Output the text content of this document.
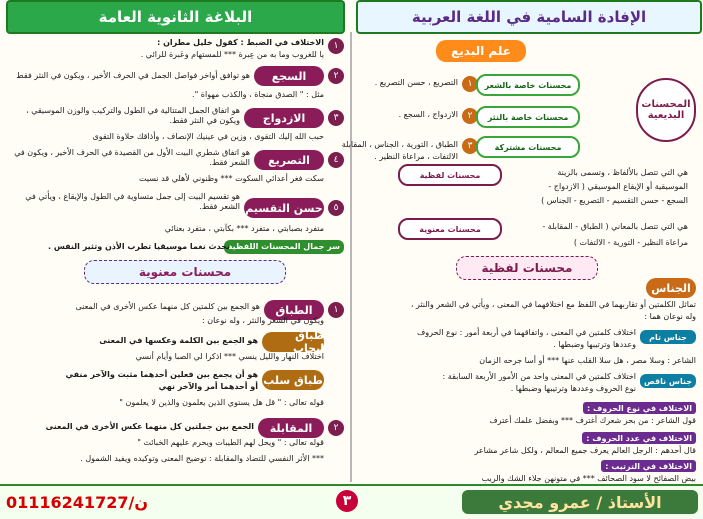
البلاغة الثانوية العامة	الإفادة السامية في اللغة العربية
١
الاختلاف في الضبط : كقول خليل مطران :
يا للغروب وما به من عِبرة *** للمستهام وعَبرة للرائي .
٢
السجع
هو توافق أواخر فواصل الجمل في الحرف الأخير ، ويكون في النثر فقط
مثل : " الصدق منجاة ، والكذب مهواة ".
٣
الازدواج
هو اتفاق الجمل المتتالية في الطول والتركيب والوزن الموسيقي ، ويكون في النثر فقط.
حبب الله إليك التقوى ، وزين في عينيك الإنصاف ، وأذاقك حلاوة التقوى
٤
التصريع
هو اتفاق شطري البيت الأول من القصيدة في الحرف الأخير ، ويكون في الشعر فقط.
سكت فغر أعدائي السكوت *** وظنوني لأهلي قد نسيت
٥
حسن التقسيم
هو تقسيم البيت إلى جمل متساوية في الطول والإيقاع ، ويأتي في الشعر فقط.
متفرد بصبابتي ، متفرد *** بكآبتي ، متفرد بعنائي
سر جمال المحسنات اللفظية
تحدث نغما موسيقيا تطرب الأذن وتثير النفس .
محسنات معنوية
١
الطباق
هو الجمع بين كلمتين كل منهما عكس الأخرى في المعنى
ويكون في الشعر والنثر ، وله نوعان :
طباق إيجاب
هو الجمع بين الكلمة وعكسها في المعنى
اختلاف النهار والليل ينسي *** اذكرا لي الصبا وأيام أنسي
طباق سلب
هو أن يجمع بين فعلين أحدهما مثبت والآخر منفي
أو أحدهما أمر والآخر نهي
قوله تعالى : " قل هل يستوي الذين يعلمون والذين لا يعلمون "
٢
المقابلة
الجمع بين جملتين كل منهما عكس الأخرى في المعنى
قوله تعالى : " ويحل لهم الطيبات ويحرم عليهم الخبائث "
*** الأثر النفسي للتضاد والمقابلة : توضيح المعنى وتوكيده ويفيد الشمول .
علم البديع
١	محسنات خاصة بالشعر
التصريع ، حسن التصريع .
٢	محسنات خاصة بالنثر
الازدواج ، السجع .
٣	محسنات مشتركة
الطباق ، التورية ، الجناس ، المقابلة
الالتفات ، مراعاة النظير .
المحسنات البديعية
محسنات لفظية	هي التي تتصل بالألفاظ ، وتسمى بالزينة
الموسيقية أو الإيقاع الموسيقي ( الازدواج -
السجع - حسن التقسيم - التصريع - الجناس )
محسنات معنوية	هي التي تتصل بالمعاني ( الطباق - المقابلة -
مراعاة النظير - التورية - الالتفات )
محسنات لفظية
الجناس
تماثل الكلمتين أو تقاربهما في اللفظ مع اختلافهما في المعنى ، ويأتي في الشعر والنثر ،
وله نوعان هما :
جناس تام
اختلاف كلمتين في المعنى ، واتفاقهما في أربعة أمور : نوع الحروف
وعددها وترتيبها وضبطها .
الشاعر : وسلا مصر ، هل سلا القلب عنها *** أو أسا جرحه الزمان
جناس ناقص
اختلاف كلمتين في المعنى واحد من الأمور الأربعة السابقة :
نوع الحروف وعددها وترتيبها وضبطها .
الاختلاف في نوع الحروف :
قول الشاعر : من بحر شعرك أغترف *** وبفضل علمك أعترف
الاختلاف في عدد الحروف :
قال أحدهم : الرجل العالم يعرف جميع المعالم ، ولكل شاعر مشاعر
الاختلاف في الترتيب :
بيض الصفائح لا سود الصحائف *** في متونهن جلاء الشك والريب
01116241727/ن	٣	الأستاذ / عمرو مجدي
